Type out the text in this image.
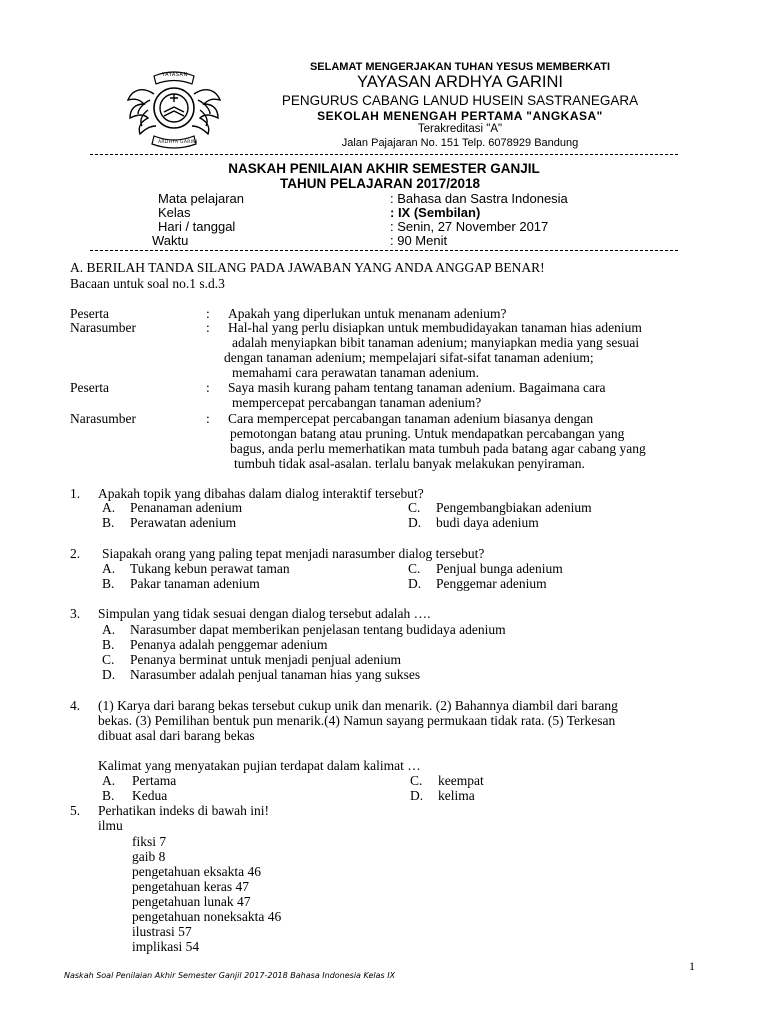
YAYASAN
ARDHYA GARINI
SELAMAT MENGERJAKAN TUHAN YESUS MEMBERKATI
YAYASAN ARDHYA GARINI
PENGURUS CABANG LANUD HUSEIN SASTRANEGARA
SEKOLAH MENENGAH PERTAMA "ANGKASA"
Terakreditasi "A"
Jalan Pajajaran No. 151 Telp. 6078929 Bandung
NASKAH PENILAIAN AKHIR SEMESTER GANJIL
TAHUN PELAJARAN 2017/2018
Mata pelajaran	: Bahasa dan Sastra Indonesia
Kelas	: IX (Sembilan)
Hari / tanggal	: Senin, 27 November 2017
Waktu	: 90 Menit
A. BERILAH TANDA SILANG PADA JAWABAN YANG ANDA ANGGAP BENAR!
Bacaan untuk soal no.1 s.d.3
Peserta	: Apakah yang diperlukan untuk menanam adenium?
Narasumber	: Hal-hal yang perlu disiapkan untuk membudidayakan tanaman hias adenium
adalah menyiapkan bibit tanaman adenium; manyiapkan media yang sesuai
dengan tanaman adenium; mempelajari sifat-sifat tanaman adenium;
memahami cara perawatan tanaman adenium.
Peserta	: Saya masih kurang paham tentang tanaman adenium. Bagaimana cara
mempercepat percabangan tanaman adenium?
Narasumber	: Cara mempercepat percabangan tanaman adenium biasanya dengan
pemotongan batang atau pruning. Untuk mendapatkan percabangan yang
bagus, anda perlu memerhatikan mata tumbuh pada batang agar cabang yang
tumbuh tidak asal-asalan. terlalu banyak melakukan penyiraman.
1. Apakah topik yang dibahas dalam dialog interaktif tersebut?
A. Penanaman adenium
B. Perawatan adenium
C. Pengembangbiakan adenium
D. budi daya adenium
2. Siapakah orang yang paling tepat menjadi narasumber dialog tersebut?
A. Tukang kebun perawat taman
B. Pakar tanaman adenium
C. Penjual bunga adenium
D. Penggemar adenium
3. Simpulan yang tidak sesuai dengan dialog tersebut adalah ….
A. Narasumber dapat memberikan penjelasan tentang budidaya adenium
B. Penanya adalah penggemar adenium
C. Penanya berminat untuk menjadi penjual adenium
D. Narasumber adalah penjual tanaman hias yang sukses
4. (1) Karya dari barang bekas tersebut cukup unik dan menarik. (2) Bahannya diambil dari barang
bekas. (3) Pemilihan bentuk pun menarik.(4) Namun sayang permukaan tidak rata. (5) Terkesan
dibuat asal dari barang bekas
Kalimat yang menyatakan pujian terdapat dalam kalimat …
A. Pertama
B. Kedua
C. keempat
D. kelima
5. Perhatikan indeks di bawah ini!
ilmu
fiksi 7
gaib 8
pengetahuan eksakta 46
pengetahuan keras 47
pengetahuan lunak 47
pengetahuan noneksakta 46
ilustrasi 57
implikasi 54
1
Naskah Soal Penilaian Akhir Semester Ganjil 2017-2018 Bahasa Indonesia Kelas IX
